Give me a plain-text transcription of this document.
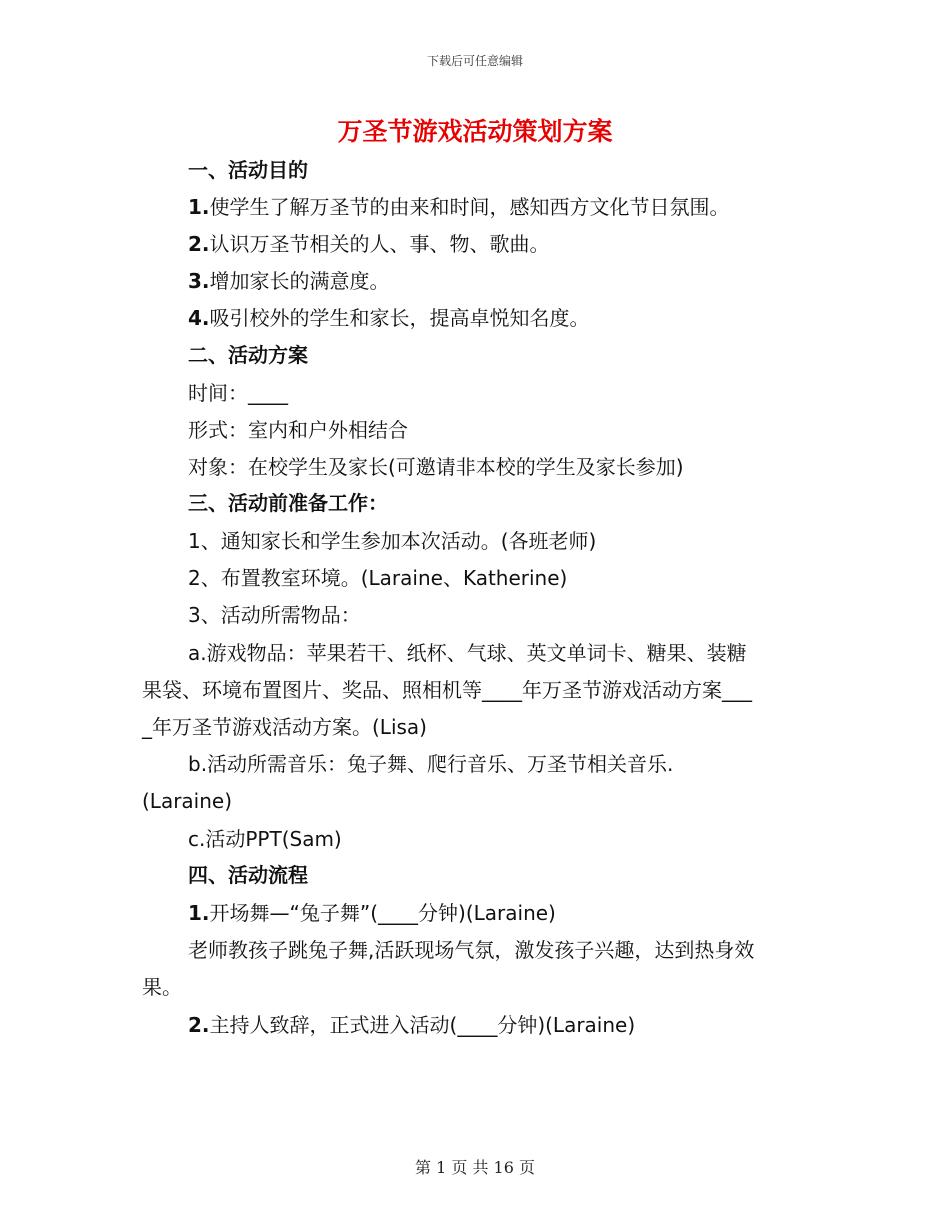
下载后可任意编辑
万圣节游戏活动策划方案
一、活动目的
1.使学生了解万圣节的由来和时间，感知西方文化节日氛围。
2.认识万圣节相关的人、事、物、歌曲。
3.增加家长的满意度。
4.吸引校外的学生和家长，提高卓悦知名度。
二、活动方案
时间：____
形式：室内和户外相结合
对象：在校学生及家长(可邀请非本校的学生及家长参加)
三、活动前准备工作：
1、通知家长和学生参加本次活动。(各班老师)
2、布置教室环境。(Laraine、Katherine)
3、活动所需物品：
a.游戏物品：苹果若干、纸杯、气球、英文单词卡、糖果、装糖
果袋、环境布置图片、奖品、照相机等____年万圣节游戏活动方案___
_年万圣节游戏活动方案。(Lisa)
b.活动所需音乐：兔子舞、爬行音乐、万圣节相关音乐.
(Laraine)
c.活动PPT(Sam)
四、活动流程
1.开场舞—“兔子舞”(____分钟)(Laraine)
老师教孩子跳兔子舞,活跃现场气氛，激发孩子兴趣，达到热身效
果。
2.主持人致辞，正式进入活动(____分钟)(Laraine)
第 1 页 共 16 页
